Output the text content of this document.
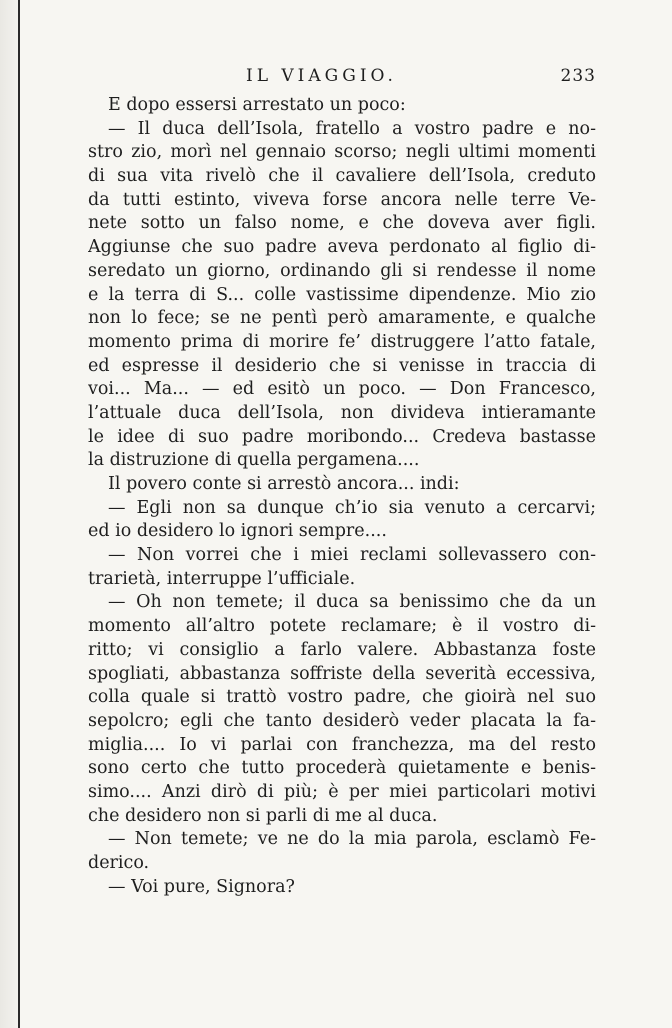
IL VIAGGIO.	233
E dopo essersi arrestato un poco:
— Il duca dell’Isola, fratello a vostro padre e no-
stro zio, morì nel gennaio scorso; negli ultimi momenti
di sua vita rivelò che il cavaliere dell’Isola, creduto
da tutti estinto, viveva forse ancora nelle terre Ve-
nete sotto un falso nome, e che doveva aver figli.
Aggiunse che suo padre aveva perdonato al figlio di-
seredato un giorno, ordinando gli si rendesse il nome
e la terra di S... colle vastissime dipendenze. Mio zio
non lo fece; se ne pentì però amaramente, e qualche
momento prima di morire fe’ distruggere l’atto fatale,
ed espresse il desiderio che si venisse in traccia di
voi... Ma... — ed esitò un poco. — Don Francesco,
l’attuale duca dell’Isola, non divideva intieramante
le idee di suo padre moribondo... Credeva bastasse
la distruzione di quella pergamena....
Il povero conte si arrestò ancora... indi:
— Egli non sa dunque ch’io sia venuto a cercarvi;
ed io desidero lo ignori sempre....
— Non vorrei che i miei reclami sollevassero con-
trarietà, interruppe l’ufficiale.
— Oh non temete; il duca sa benissimo che da un
momento all’altro potete reclamare; è il vostro di-
ritto; vi consiglio a farlo valere. Abbastanza foste
spogliati, abbastanza soffriste della severità eccessiva,
colla quale si trattò vostro padre, che gioirà nel suo
sepolcro; egli che tanto desiderò veder placata la fa-
miglia.... Io vi parlai con franchezza, ma del resto
sono certo che tutto procederà quietamente e benis-
simo.... Anzi dirò di più; è per miei particolari motivi
che desidero non si parli di me al duca.
— Non temete; ve ne do la mia parola, esclamò Fe-
derico.
— Voi pure, Signora?
